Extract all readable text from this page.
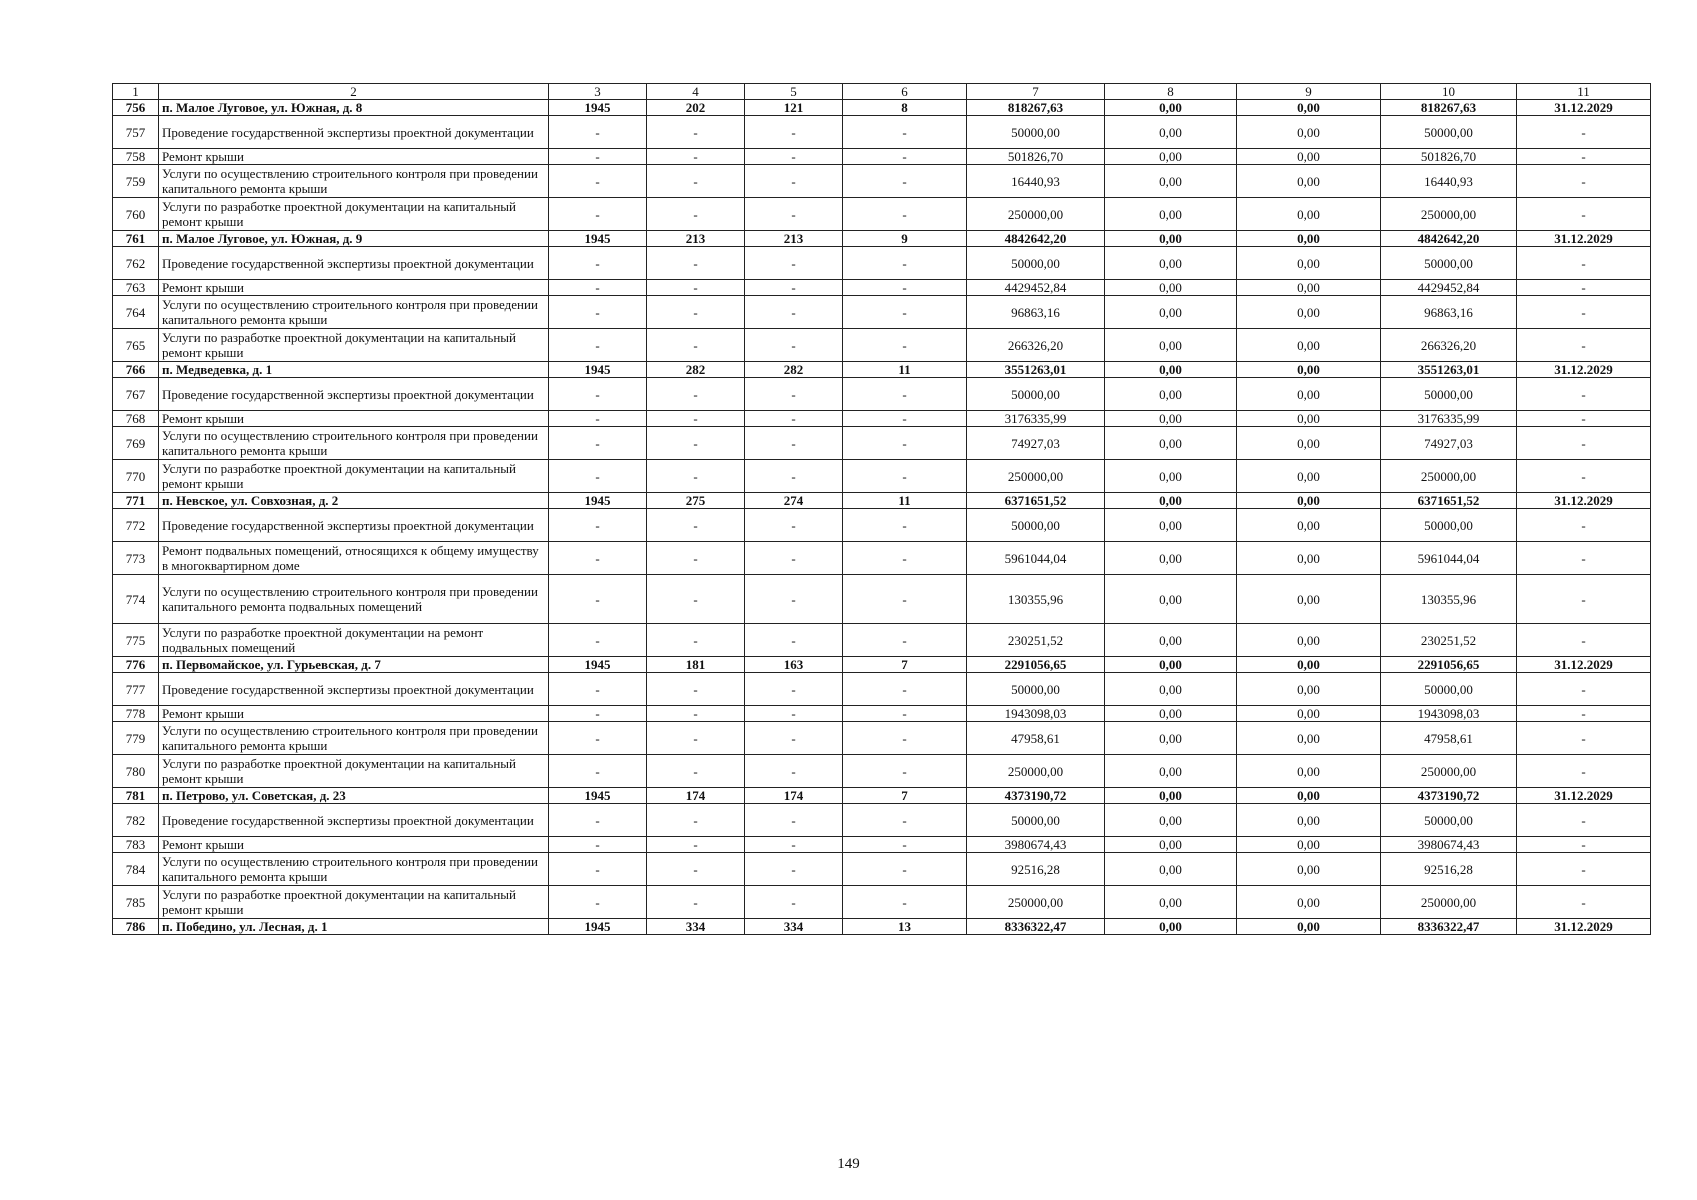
1	2	3	4	5	6	7	8	9	10	11
756	п. Малое Луговое, ул. Южная, д. 8	1945	202	121	8	818267,63	0,00	0,00	818267,63	31.12.2029
757	Проведение государственной экспертизы проектной документации	-	-	-	-	50000,00	0,00	0,00	50000,00	-
758	Ремонт крыши	-	-	-	-	501826,70	0,00	0,00	501826,70	-
759	Услуги по осуществлению строительного контроля при проведении капитального ремонта крыши	-	-	-	-	16440,93	0,00	0,00	16440,93	-
760	Услуги по разработке проектной документации на капитальный ремонт крыши	-	-	-	-	250000,00	0,00	0,00	250000,00	-
761	п. Малое Луговое, ул. Южная, д. 9	1945	213	213	9	4842642,20	0,00	0,00	4842642,20	31.12.2029
762	Проведение государственной экспертизы проектной документации	-	-	-	-	50000,00	0,00	0,00	50000,00	-
763	Ремонт крыши	-	-	-	-	4429452,84	0,00	0,00	4429452,84	-
764	Услуги по осуществлению строительного контроля при проведении капитального ремонта крыши	-	-	-	-	96863,16	0,00	0,00	96863,16	-
765	Услуги по разработке проектной документации на капитальный ремонт крыши	-	-	-	-	266326,20	0,00	0,00	266326,20	-
766	п. Медведевка, д. 1	1945	282	282	11	3551263,01	0,00	0,00	3551263,01	31.12.2029
767	Проведение государственной экспертизы проектной документации	-	-	-	-	50000,00	0,00	0,00	50000,00	-
768	Ремонт крыши	-	-	-	-	3176335,99	0,00	0,00	3176335,99	-
769	Услуги по осуществлению строительного контроля при проведении капитального ремонта крыши	-	-	-	-	74927,03	0,00	0,00	74927,03	-
770	Услуги по разработке проектной документации на капитальный ремонт крыши	-	-	-	-	250000,00	0,00	0,00	250000,00	-
771	п. Невское, ул. Совхозная, д. 2	1945	275	274	11	6371651,52	0,00	0,00	6371651,52	31.12.2029
772	Проведение государственной экспертизы проектной документации	-	-	-	-	50000,00	0,00	0,00	50000,00	-
773	Ремонт подвальных помещений, относящихся к общему имуществу в многоквартирном доме	-	-	-	-	5961044,04	0,00	0,00	5961044,04	-
774	Услуги по осуществлению строительного контроля при проведении капитального ремонта подвальных помещений	-	-	-	-	130355,96	0,00	0,00	130355,96	-
775	Услуги по разработке проектной документации на ремонт подвальных помещений	-	-	-	-	230251,52	0,00	0,00	230251,52	-
776	п. Первомайское, ул. Гурьевская, д. 7	1945	181	163	7	2291056,65	0,00	0,00	2291056,65	31.12.2029
777	Проведение государственной экспертизы проектной документации	-	-	-	-	50000,00	0,00	0,00	50000,00	-
778	Ремонт крыши	-	-	-	-	1943098,03	0,00	0,00	1943098,03	-
779	Услуги по осуществлению строительного контроля при проведении капитального ремонта крыши	-	-	-	-	47958,61	0,00	0,00	47958,61	-
780	Услуги по разработке проектной документации на капитальный ремонт крыши	-	-	-	-	250000,00	0,00	0,00	250000,00	-
781	п. Петрово, ул. Советская, д. 23	1945	174	174	7	4373190,72	0,00	0,00	4373190,72	31.12.2029
782	Проведение государственной экспертизы проектной документации	-	-	-	-	50000,00	0,00	0,00	50000,00	-
783	Ремонт крыши	-	-	-	-	3980674,43	0,00	0,00	3980674,43	-
784	Услуги по осуществлению строительного контроля при проведении капитального ремонта крыши	-	-	-	-	92516,28	0,00	0,00	92516,28	-
785	Услуги по разработке проектной документации на капитальный ремонт крыши	-	-	-	-	250000,00	0,00	0,00	250000,00	-
786	п. Победино, ул. Лесная, д. 1	1945	334	334	13	8336322,47	0,00	0,00	8336322,47	31.12.2029
149
